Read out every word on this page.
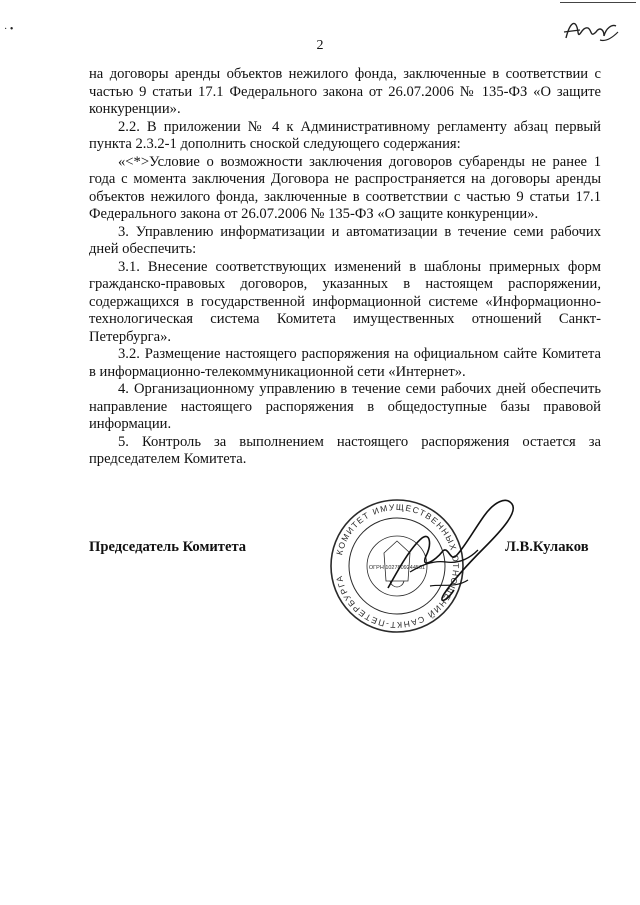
· •
2

на договоры аренды объектов нежилого фонда, заключенные в соответствии с частью 9 статьи 17.1 Федерального закона от 26.07.2006 № 135-ФЗ «О защите конкуренции».

2.2. В приложении № 4 к Административному регламенту абзац первый пункта 2.3.2-1 дополнить сноской следующего содержания:

«<*>Условие о возможности заключения договоров субаренды не ранее 1 года с момента заключения Договора не распространяется на договоры аренды объектов нежилого фонда, заключенные в соответствии с частью 9 статьи 17.1 Федерального закона от 26.07.2006 № 135-ФЗ «О защите конкуренции».

3. Управлению информатизации и автоматизации в течение семи рабочих дней обеспечить:

3.1. Внесение соответствующих изменений в шаблоны примерных форм гражданско-правовых договоров, указанных в настоящем распоряжении, содержащихся в государственной информационной системе «Информационно-технологическая система Комитета имущественных отношений Санкт-Петербурга».

3.2. Размещение настоящего распоряжения на официальном сайте Комитета в информационно-телекоммуникационной сети «Интернет».

4. Организационному управлению в течение семи рабочих дней обеспечить направление настоящего распоряжения в общедоступные базы правовой информации.

5. Контроль за выполнением настоящего распоряжения остается за председателем Комитета.

КОМИТЕТ ИМУЩЕСТВЕННЫХ ОТНОШЕНИЙ САНКТ-ПЕТЕРБУРГА
ОГРН 1027809244561
Председатель Комитета	Л.В.Кулаков
